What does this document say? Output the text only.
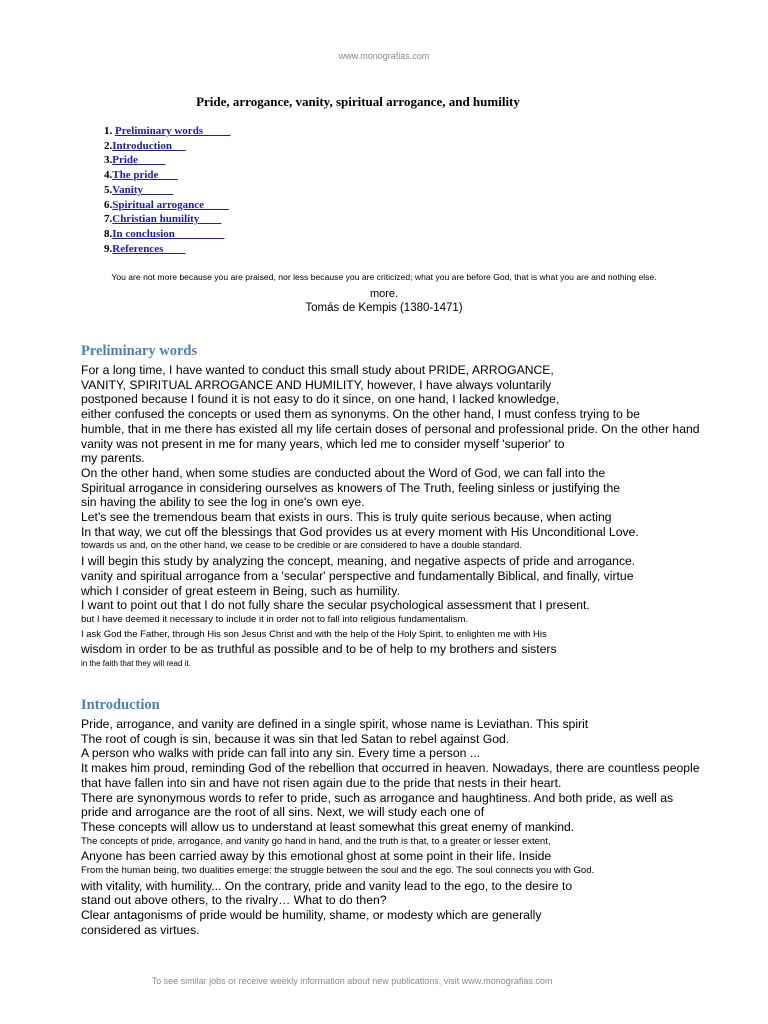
www.monografias.com
Pride, arrogance, vanity, spiritual arrogance, and humility
1. Preliminary words
2.Introduction
3.Pride
4.The pride
5.Vanity
6.Spiritual arrogance
7.Christian humility
8.In conclusion
9.References
You are not more because you are praised, nor less because you are criticized; what you are before God, that is what you are and nothing else.
more.
Tomás de Kempis (1380-1471)
Preliminary words

For a long time, I have wanted to conduct this small study about PRIDE, ARROGANCE,

VANITY, SPIRITUAL ARROGANCE AND HUMILITY, however, I have always voluntarily

postponed because I found it is not easy to do it since, on one hand, I lacked knowledge,

either confused the concepts or used them as synonyms. On the other hand, I must confess trying to be

humble, that in me there has existed all my life certain doses of personal and professional pride. On the other hand

vanity was not present in me for many years, which led me to consider myself 'superior' to

my parents.

On the other hand, when some studies are conducted about the Word of God, we can fall into the

Spiritual arrogance in considering ourselves as knowers of The Truth, feeling sinless or justifying the

sin having the ability to see the log in one's own eye.

Let's see the tremendous beam that exists in ours. This is truly quite serious because, when acting

In that way, we cut off the blessings that God provides us at every moment with His Unconditional Love.

towards us and, on the other hand, we cease to be credible or are considered to have a double standard.

I will begin this study by analyzing the concept, meaning, and negative aspects of pride and arrogance.

vanity and spiritual arrogance from a 'secular' perspective and fundamentally Biblical, and finally, virtue

which I consider of great esteem in Being, such as humility.

I want to point out that I do not fully share the secular psychological assessment that I present.

but I have deemed it necessary to include it in order not to fall into religious fundamentalism.

I ask God the Father, through His son Jesus Christ and with the help of the Holy Spirit, to enlighten me with His

wisdom in order to be as truthful as possible and to be of help to my brothers and sisters

in the faith that they will read it.

Introduction

Pride, arrogance, and vanity are defined in a single spirit, whose name is Leviathan. This spirit

The root of cough is sin, because it was sin that led Satan to rebel against God.

A person who walks with pride can fall into any sin. Every time a person ...

It makes him proud, reminding God of the rebellion that occurred in heaven. Nowadays, there are countless people

that have fallen into sin and have not risen again due to the pride that nests in their heart.

There are synonymous words to refer to pride, such as arrogance and haughtiness. And both pride, as well as

pride and arrogance are the root of all sins. Next, we will study each one of

These concepts will allow us to understand at least somewhat this great enemy of mankind.

The concepts of pride, arrogance, and vanity go hand in hand, and the truth is that, to a greater or lesser extent,

Anyone has been carried away by this emotional ghost at some point in their life. Inside

From the human being, two dualities emerge: the struggle between the soul and the ego. The soul connects you with God.

with vitality, with humility... On the contrary, pride and vanity lead to the ego, to the desire to

stand out above others, to the rivalry… What to do then?

Clear antagonisms of pride would be humility, shame, or modesty which are generally

considered as virtues.

To see similar jobs or receive weekly information about new publications, visit www.monografias.com
